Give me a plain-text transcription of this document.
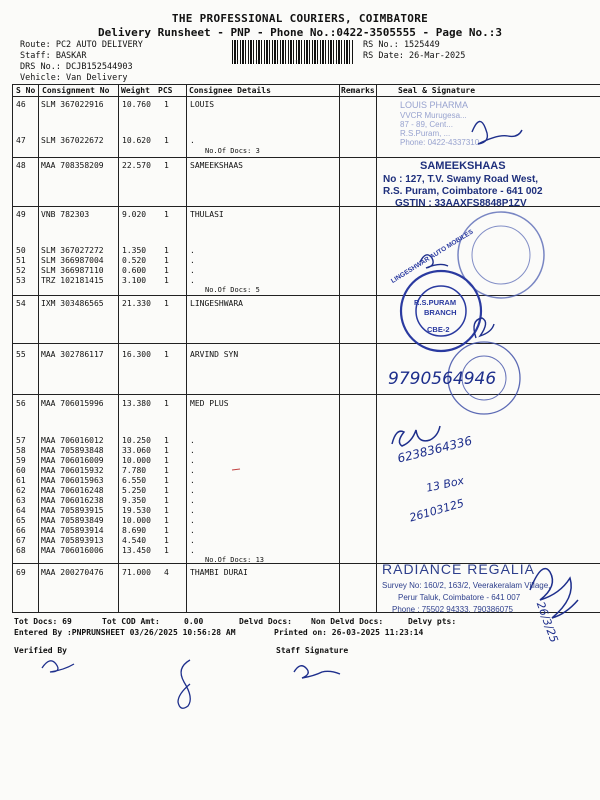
THE PROFESSIONAL COURIERS, COIMBATORE
Delivery Runsheet - PNP - Phone No.:0422-3505555 - Page No.:3
Route: PC2 AUTO DELIVERY
Staff: BASKAR
DRS No.: DCJB152544903
Vehicle: Van Delivery
RS No.: 1525449
RS Date: 26-Mar-2025
S No Consignment No Weight PCS Consignee Details	Remarks	Seal & Signature
46 SLM 367022916 10.760 1	LOUIS
47 SLM 367022672 10.620 1	.
No.Of Docs: 3
48 MAA 708358209 22.570 1	SAMEEKSHAAS
49 VNB 782303	9.020 1	THULASI
50 SLM 367027272 1.350 1	.
51 SLM 366987004 0.520 1	.
52 SLM 366987110 0.600 1	.
53 TRZ 102181415 3.100 1	.
No.Of Docs: 5
54 IXM 303486565 21.330 1	LINGESHWARA
55 MAA 302786117 16.300 1	ARVIND SYN
56 MAA 706015996 13.380 1	MED PLUS
57 MAA 706016012 10.250 1	.
58 MAA 705893848 33.060 1	.
59 MAA 706016009 10.000 1	.
60 MAA 706015932 7.780 1	.
61 MAA 706015963 6.550 1	.
62 MAA 706016248 5.250 1	.
63 MAA 706016238 9.350 1	.
64 MAA 705893915 19.530 1	.
65 MAA 705893849 10.000 1	.
66 MAA 705893914 8.690 1	.
67 MAA 705893913 4.540 1	.
68 MAA 706016006 13.450 1	.
No.Of Docs: 13
69 MAA 200270476 71.000 4	THAMBI DURAI
LOUIS PHARMA
VVCR Murugesa...
87 - 89, Cent...
R.S.Puram, ...
Phone: 0422-4337310
SAMEEKSHAAS
No : 127, T.V. Swamy Road West,
R.S. Puram, Coimbatore - 641 002
GSTIN : 33AAXFS8848P1ZV
R.S.PURAM
BRANCH
CBE-2
LINGESHWAR AUTO MOBILES
9790564946
6238364336
13 Box
26103125
RADIANCE REGALIA
Survey No: 160/2, 163/2, Veerakeralam Village,
Perur Taluk, Coimbatore - 641 007
Phone : 75502 94333, 790386075 26/3/25
Tot Docs: 69	Tot COD Amt:	0.00	Delvd Docs: Non Delvd Docs:	Delvy pts:
Entered By :PNPRUNSHEET 03/26/2025 10:56:28 AM	Printed on: 26-03-2025 11:23:14
Verified By	Staff Signature
